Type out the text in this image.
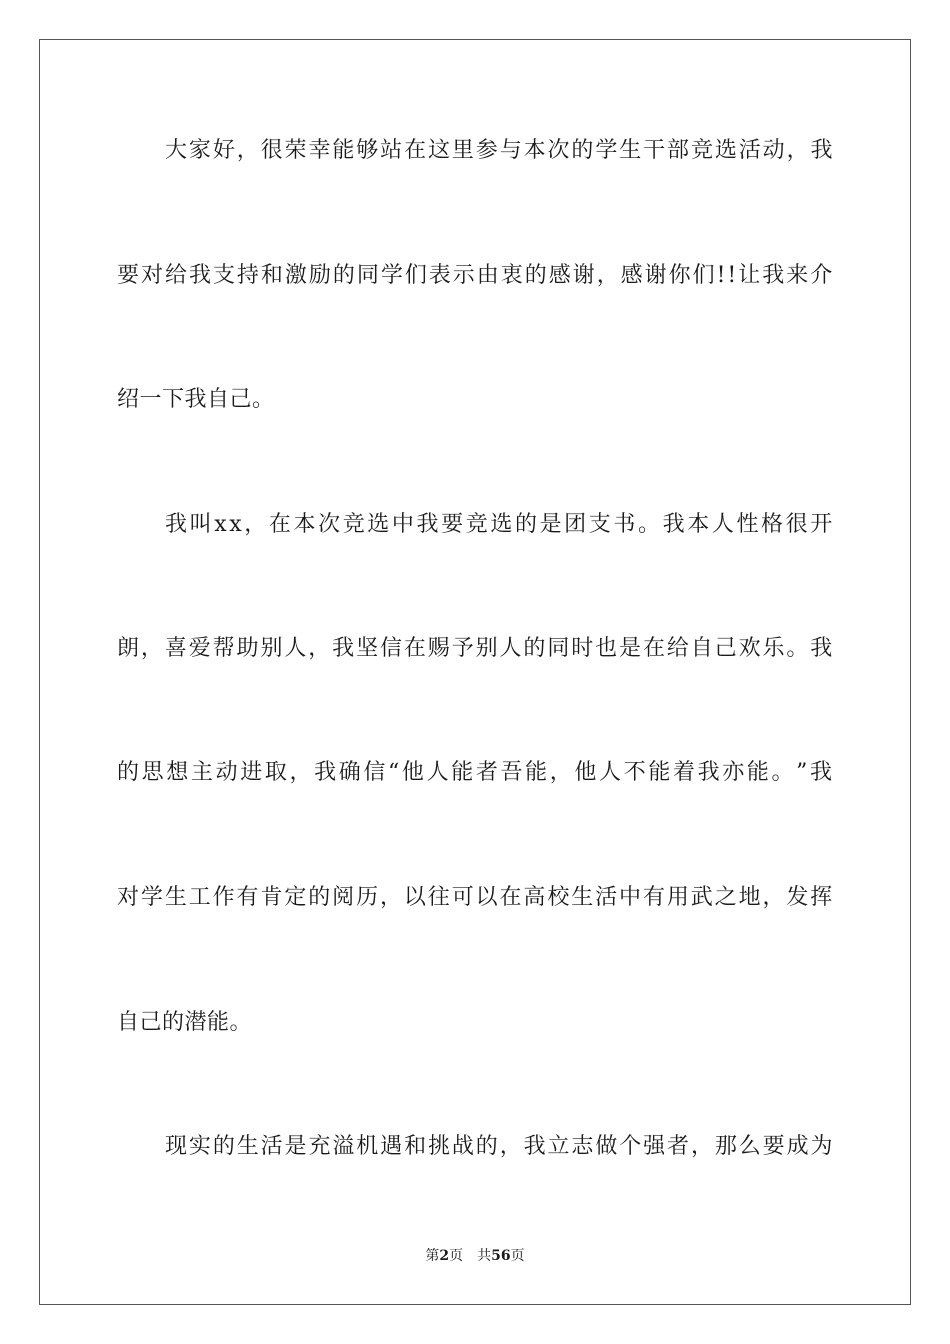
大 家 好 ， 很 荣 幸 能 够 站 在 这 里 参 与 本 次 的 学 生 干 部 竞 选 活 动 ， 我
要 对 给 我 支 持 和 激 励 的 同 学 们 表 示 由 衷 的 感 谢 ， 感 谢 你 们 ! ! 让 我 来 介
绍一下我自己。
我 叫 x x ， 在 本 次 竞 选 中 我 要 竞 选 的 是 团 支 书 。 我 本 人 性 格 很 开
朗 ， 喜 爱 帮 助 别 人 ， 我 坚 信 在 赐 予 别 人 的 同 时 也 是 在 给 自 己 欢 乐 。 我
的 思 想 主 动 进 取 ， 我 确 信 “ 他 人 能 者 吾 能 ， 他 人 不 能 着 我 亦 能 。 ” 我
对 学 生 工 作 有 肯 定 的 阅 历 ， 以 往 可 以 在 高 校 生 活 中 有 用 武 之 地 ， 发 挥
自己的潜能。
现 实 的 生 活 是 充 溢 机 遇 和 挑 战 的 ， 我 立 志 做 个 强 者 ， 那 么 要 成 为
第2页 共56页
